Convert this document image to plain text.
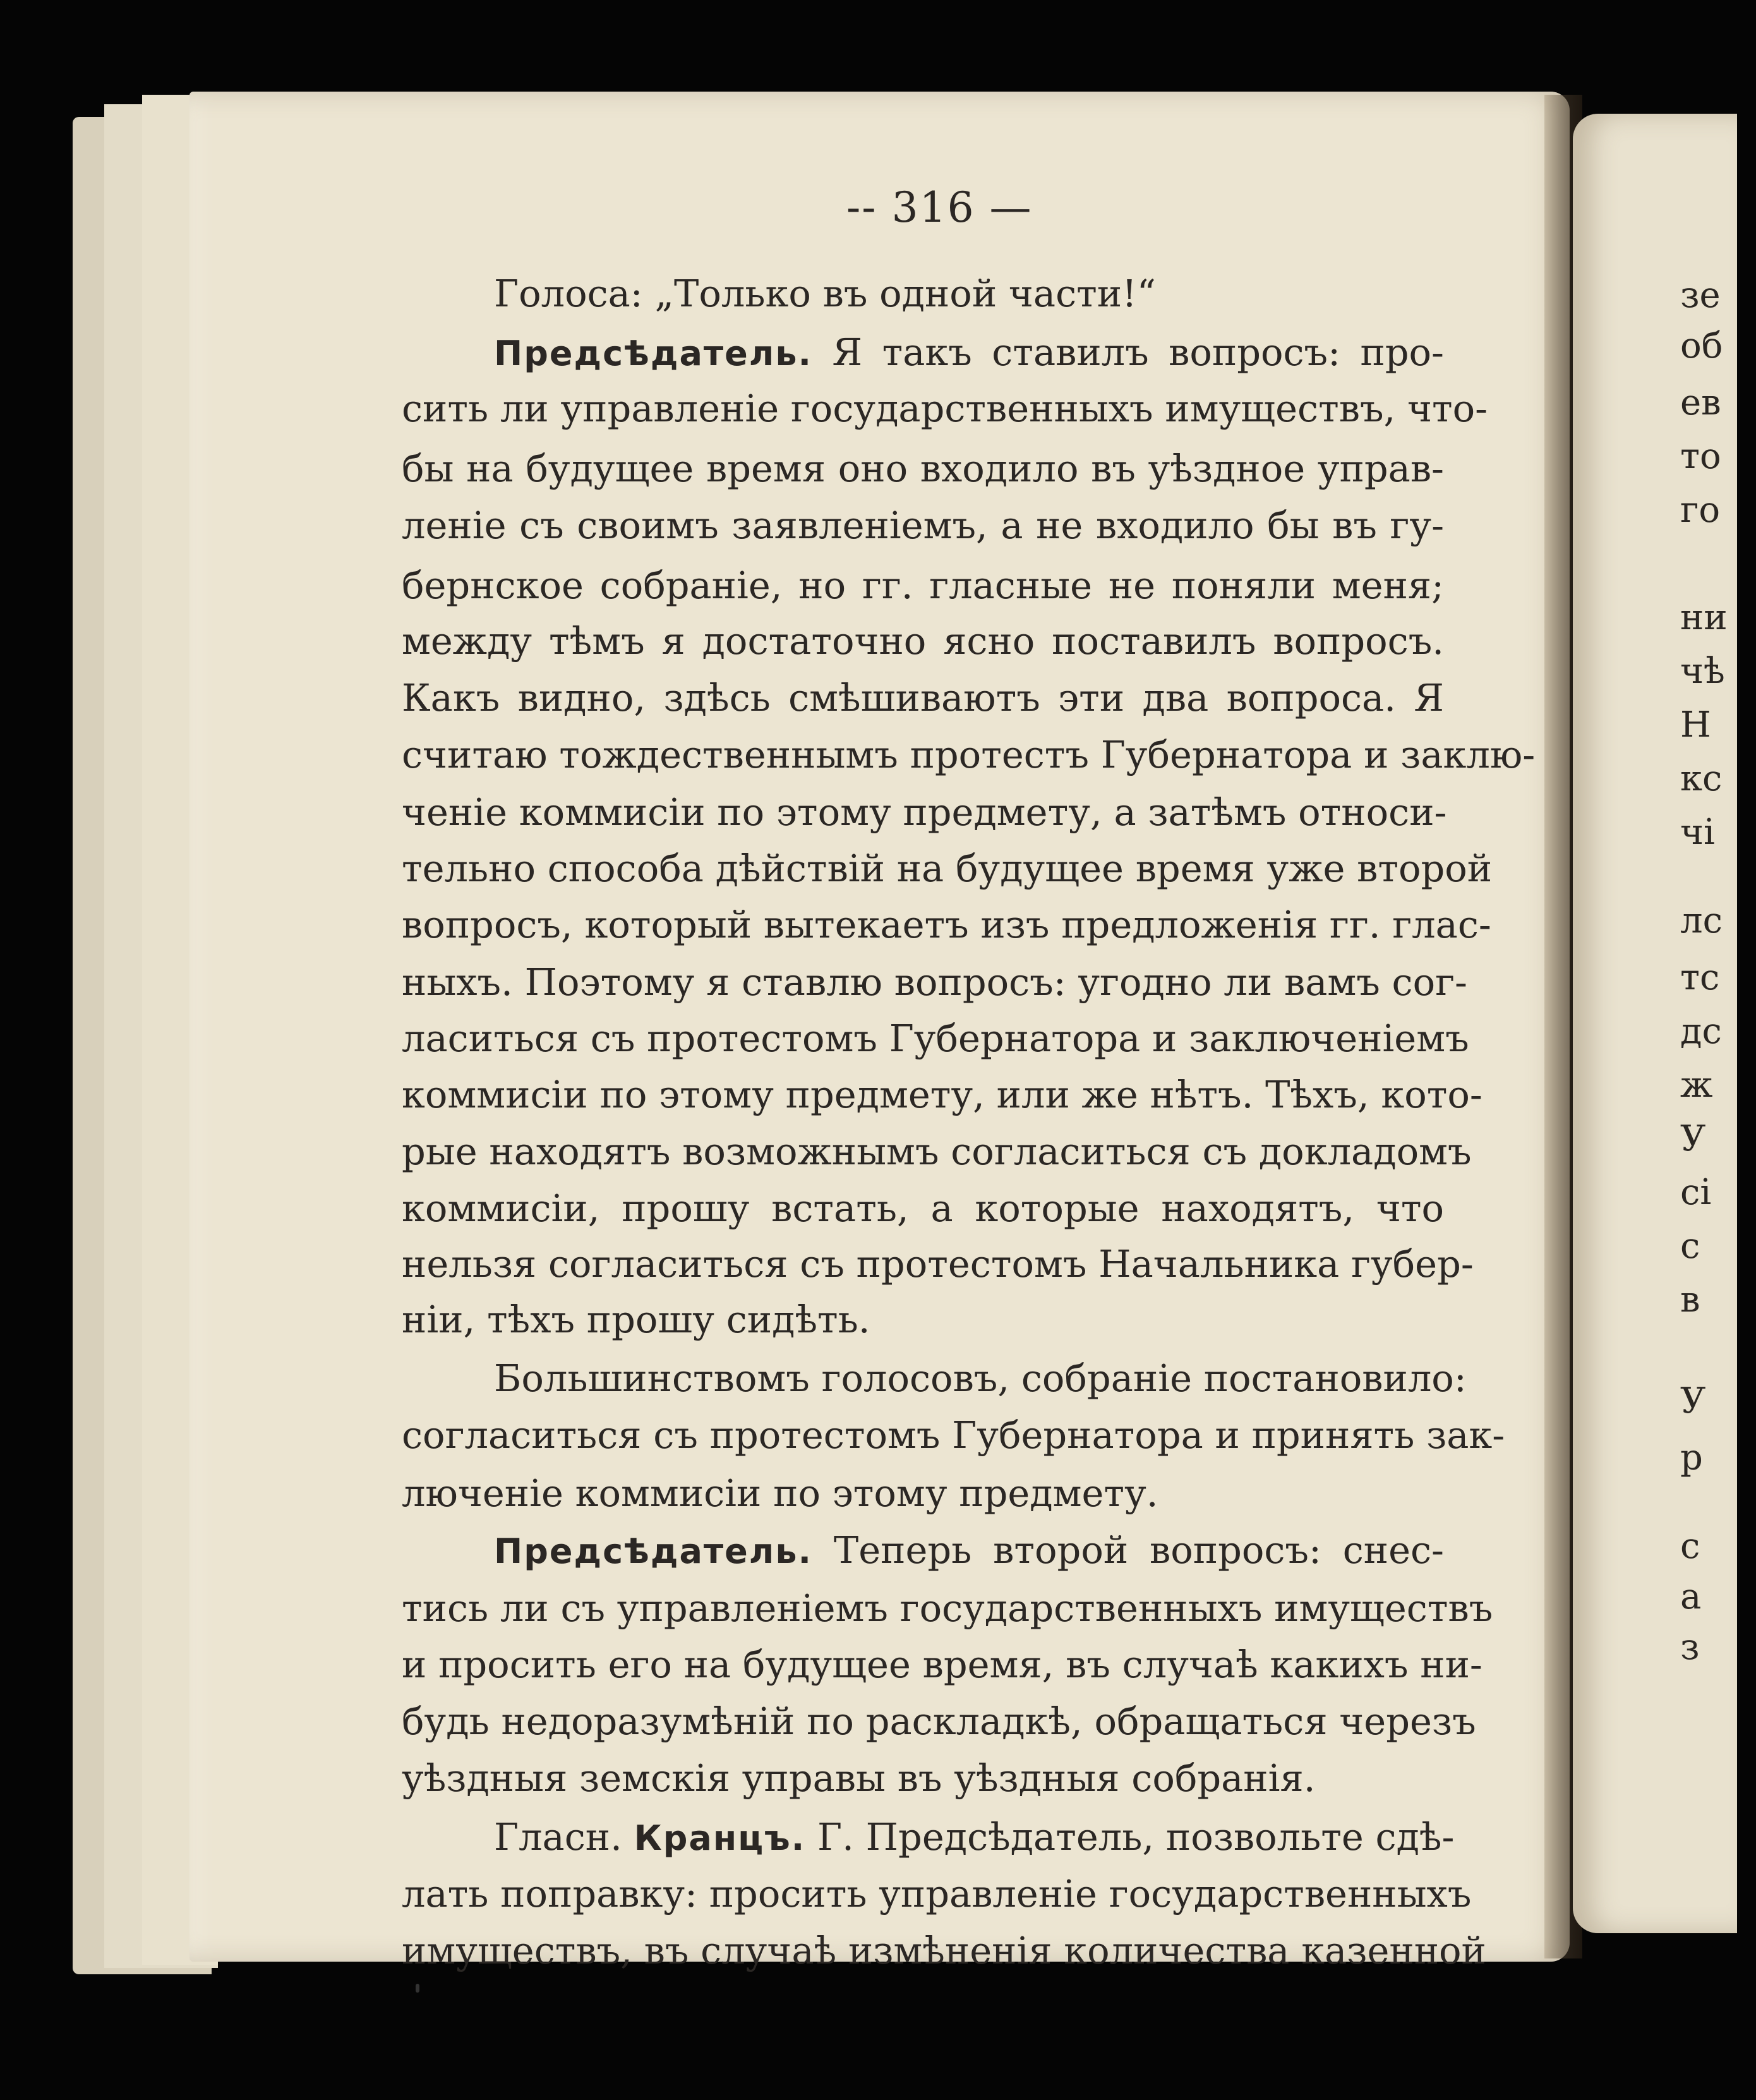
зе
об
ев
то
го
ни
чѣ
Н
кс
чі
лс
тс
дс
ж
У
сі
с
в
У
р
с
а
з
-- 316 —
Голоса: „Только въ одной части!“
Предсѣдатель. Я такъ ставилъ вопросъ: про-
сить ли управленіе государственныхъ имуществъ, что-
бы на будущее время оно входило въ уѣздное управ-
леніе съ своимъ заявленіемъ, а не входило бы въ гу-
бернское собраніе, но гг. гласные не поняли меня;
между тѣмъ я достаточно ясно поставилъ вопросъ.
Какъ видно, здѣсь смѣшиваютъ эти два вопроса. Я
считаю тождественнымъ протестъ Губернатора и заклю-
ченіе коммисіи по этому предмету, а затѣмъ относи-
тельно способа дѣйствій на будущее время уже второй
вопросъ, который вытекаетъ изъ предложенія гг. глас-
ныхъ. Поэтому я ставлю вопросъ: угодно ли вамъ сог-
ласиться съ протестомъ Губернатора и заключеніемъ
коммисіи по этому предмету, или же нѣтъ. Тѣхъ, кото-
рые находятъ возможнымъ согласиться съ докладомъ
коммисіи, прошу встать, а которые находятъ, что
нельзя согласиться съ протестомъ Начальника губер-
ніи, тѣхъ прошу сидѣть.
Большинствомъ голосовъ, собраніе постановило:
согласиться съ протестомъ Губернатора и принять зак-
люченіе коммисіи по этому предмету.
Предсѣдатель. Теперь второй вопросъ: снес-
тись ли съ управленіемъ государственныхъ имуществъ
и просить его на будущее время, въ случаѣ какихъ ни-
будь недоразумѣній по раскладкѣ, обращаться черезъ
уѣздныя земскія управы въ уѣздныя собранія.
Гласн. Кранцъ. Г. Предсѣдатель, позвольте сдѣ-
лать поправку: просить управленіе государственныхъ
имуществъ, въ случаѣ измѣненія количества казенной
